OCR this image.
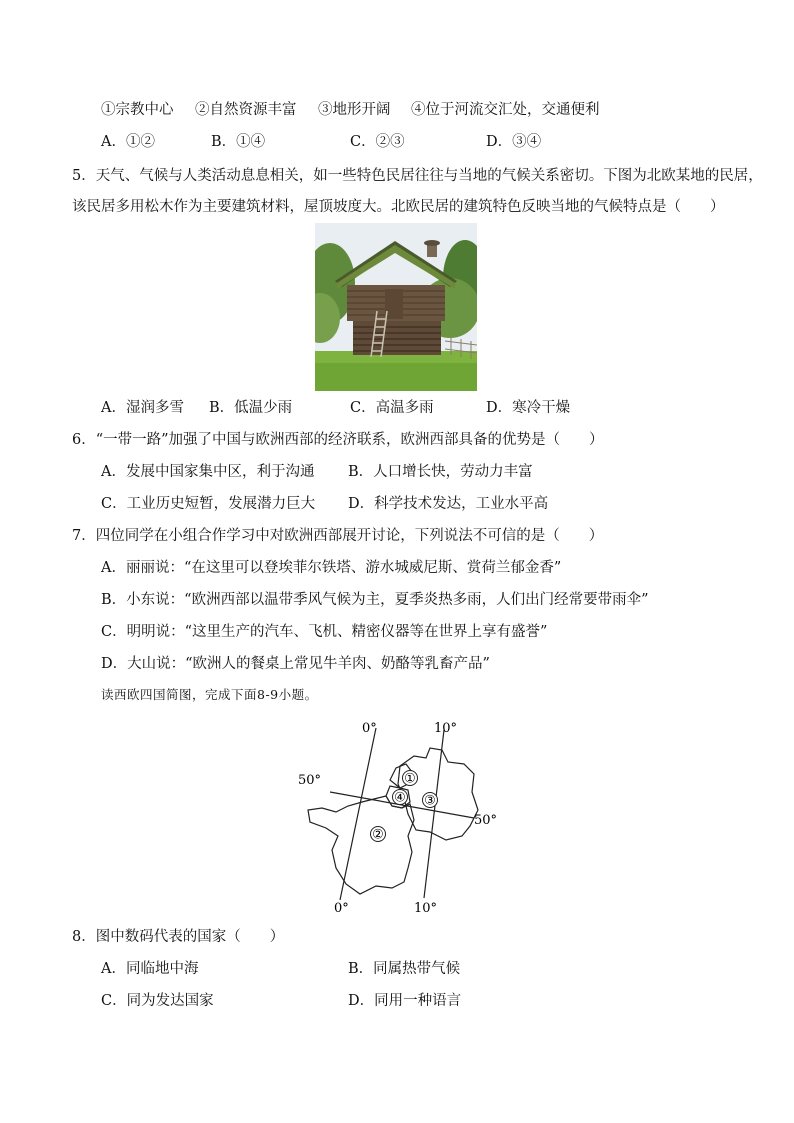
①宗教中心 ②自然资源丰富 ③地形开阔 ④位于河流交汇处，交通便利
A．①②	B．①④	C．②③	D．③④
5．天气、气候与人类活动息息相关，如一些特色民居往往与当地的气候关系密切。下图为北欧某地的民居，
该民居多用松木作为主要建筑材料，屋顶坡度大。北欧民居的建筑特色反映当地的气候特点是（　　）
A．湿润多雪 B．低温少雨	C．高温多雨	D．寒冷干燥
6．“一带一路”加强了中国与欧洲西部的经济联系，欧洲西部具备的优势是（　　）
A．发展中国家集中区，利于沟通 B．人口增长快，劳动力丰富
C．工业历史短暂，发展潜力巨大 D．科学技术发达，工业水平高
7．四位同学在小组合作学习中对欧洲西部展开讨论，下列说法不可信的是（　　）
A．丽丽说：“在这里可以登埃菲尔铁塔、游水城威尼斯、赏荷兰郁金香”
B．小东说：“欧洲西部以温带季风气候为主，夏季炎热多雨，人们出门经常要带雨伞”
C．明明说：“这里生产的汽车、飞机、精密仪器等在世界上享有盛誉”
D．大山说：“欧洲人的餐桌上常见牛羊肉、奶酪等乳畜产品”
读西欧四国简图，完成下面8-9小题。
①
②
③
④
0°	10°
50°
50°
0°	10°
8．图中数码代表的国家（　　）
A．同临地中海	B．同属热带气候
C．同为发达国家	D．同用一种语言
